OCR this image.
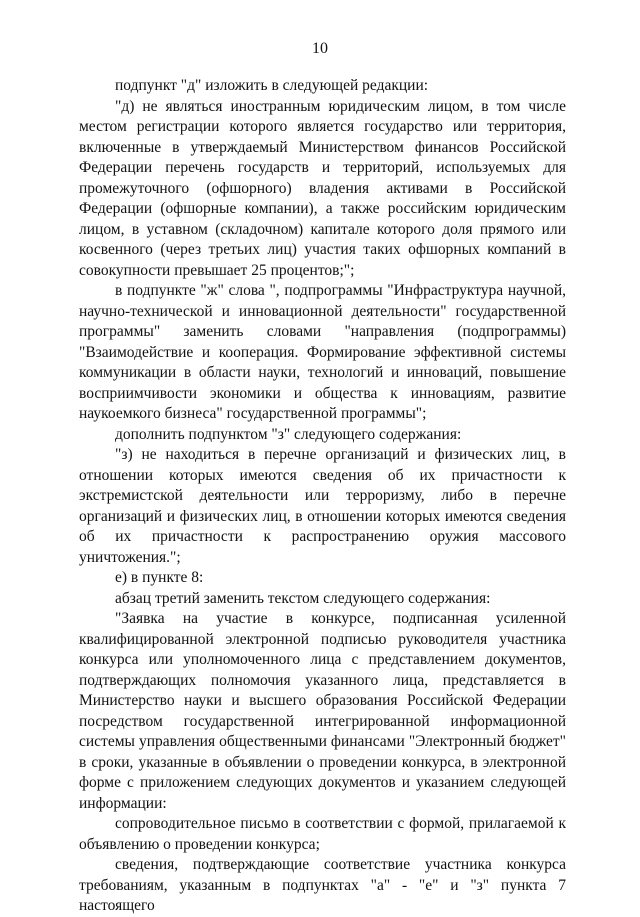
10

подпункт "д" изложить в следующей редакции:

"д) не являться иностранным юридическим лицом, в том числе местом регистрации которого является государство или территория, включенные в утверждаемый Министерством финансов Российской Федерации перечень государств и территорий, используемых для промежуточного (офшорного) владения активами в Российской Федерации (офшорные компании), а также российским юридическим лицом, в уставном (складочном) капитале которого доля прямого или косвенного (через третьих лиц) участия таких офшорных компаний в совокупности превышает 25 процентов;";

в подпункте "ж" слова ", подпрограммы "Инфраструктура научной, научно-технической и инновационной деятельности" государственной программы" заменить словами "направления (подпрограммы) "Взаимодействие и кооперация. Формирование эффективной системы коммуникации в области науки, технологий и инноваций, повышение восприимчивости экономики и общества к инновациям, развитие наукоемкого бизнеса" государственной программы";

дополнить подпунктом "з" следующего содержания:

"з) не находиться в перечне организаций и физических лиц, в отношении которых имеются сведения об их причастности к экстремистской деятельности или терроризму, либо в перечне организаций и физических лиц, в отношении которых имеются сведения об их причастности к распространению оружия массового уничтожения.";

е) в пункте 8:

абзац третий заменить текстом следующего содержания:

"Заявка на участие в конкурсе, подписанная усиленной квалифицированной электронной подписью руководителя участника конкурса или уполномоченного лица с представлением документов, подтверждающих полномочия указанного лица, представляется в Министерство науки и высшего образования Российской Федерации посредством государственной интегрированной информационной системы управления общественными финансами "Электронный бюджет" в сроки, указанные в объявлении о проведении конкурса, в электронной форме с приложением следующих документов и указанием следующей информации:

сопроводительное письмо в соответствии с формой, прилагаемой к объявлению о проведении конкурса;

сведения, подтверждающие соответствие участника конкурса требованиям, указанным в подпунктах "а" - "е" и "з" пункта 7 настоящего
